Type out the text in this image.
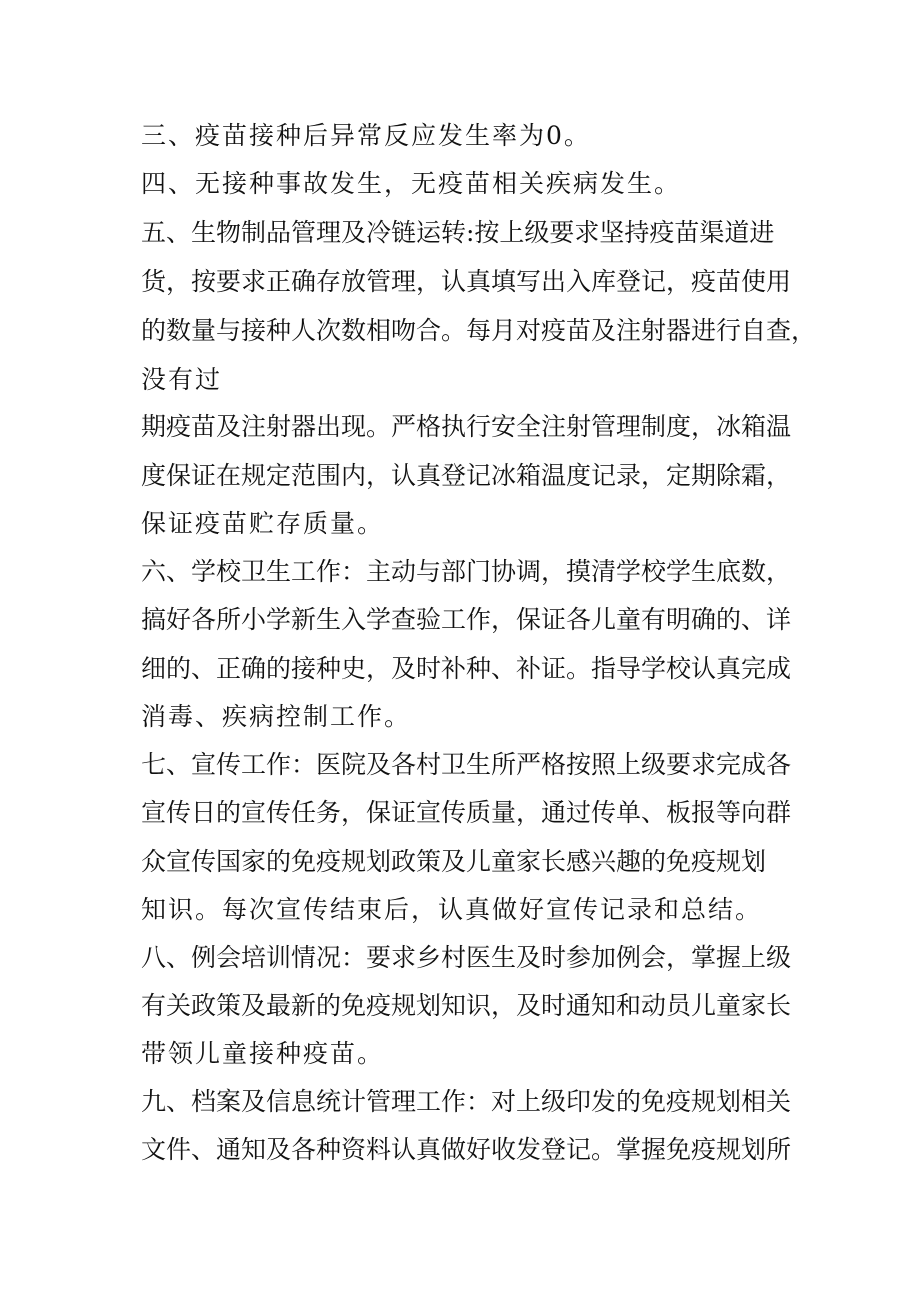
三、疫苗接种后异常反应发生率为0。

四、无接种事故发生，无疫苗相关疾病发生。

五、生物制品管理及冷链运转:按上级要求坚持疫苗渠道进

货，按要求正确存放管理，认真填写出入库登记，疫苗使用

的数量与接种人次数相吻合。每月对疫苗及注射器进行自查，

没有过

期疫苗及注射器出现。严格执行安全注射管理制度，冰箱温

度保证在规定范围内，认真登记冰箱温度记录，定期除霜，

保证疫苗贮存质量。

六、学校卫生工作：主动与部门协调，摸清学校学生底数，

搞好各所小学新生入学查验工作，保证各儿童有明确的、详

细的、正确的接种史，及时补种、补证。指导学校认真完成

消毒、疾病控制工作。

七、宣传工作：医院及各村卫生所严格按照上级要求完成各

宣传日的宣传任务，保证宣传质量，通过传单、板报等向群

众宣传国家的免疫规划政策及儿童家长感兴趣的免疫规划

知识。每次宣传结束后，认真做好宣传记录和总结。

八、例会培训情况：要求乡村医生及时参加例会，掌握上级

有关政策及最新的免疫规划知识，及时通知和动员儿童家长

带领儿童接种疫苗。

九、档案及信息统计管理工作：对上级印发的免疫规划相关

文件、通知及各种资料认真做好收发登记。掌握免疫规划所
